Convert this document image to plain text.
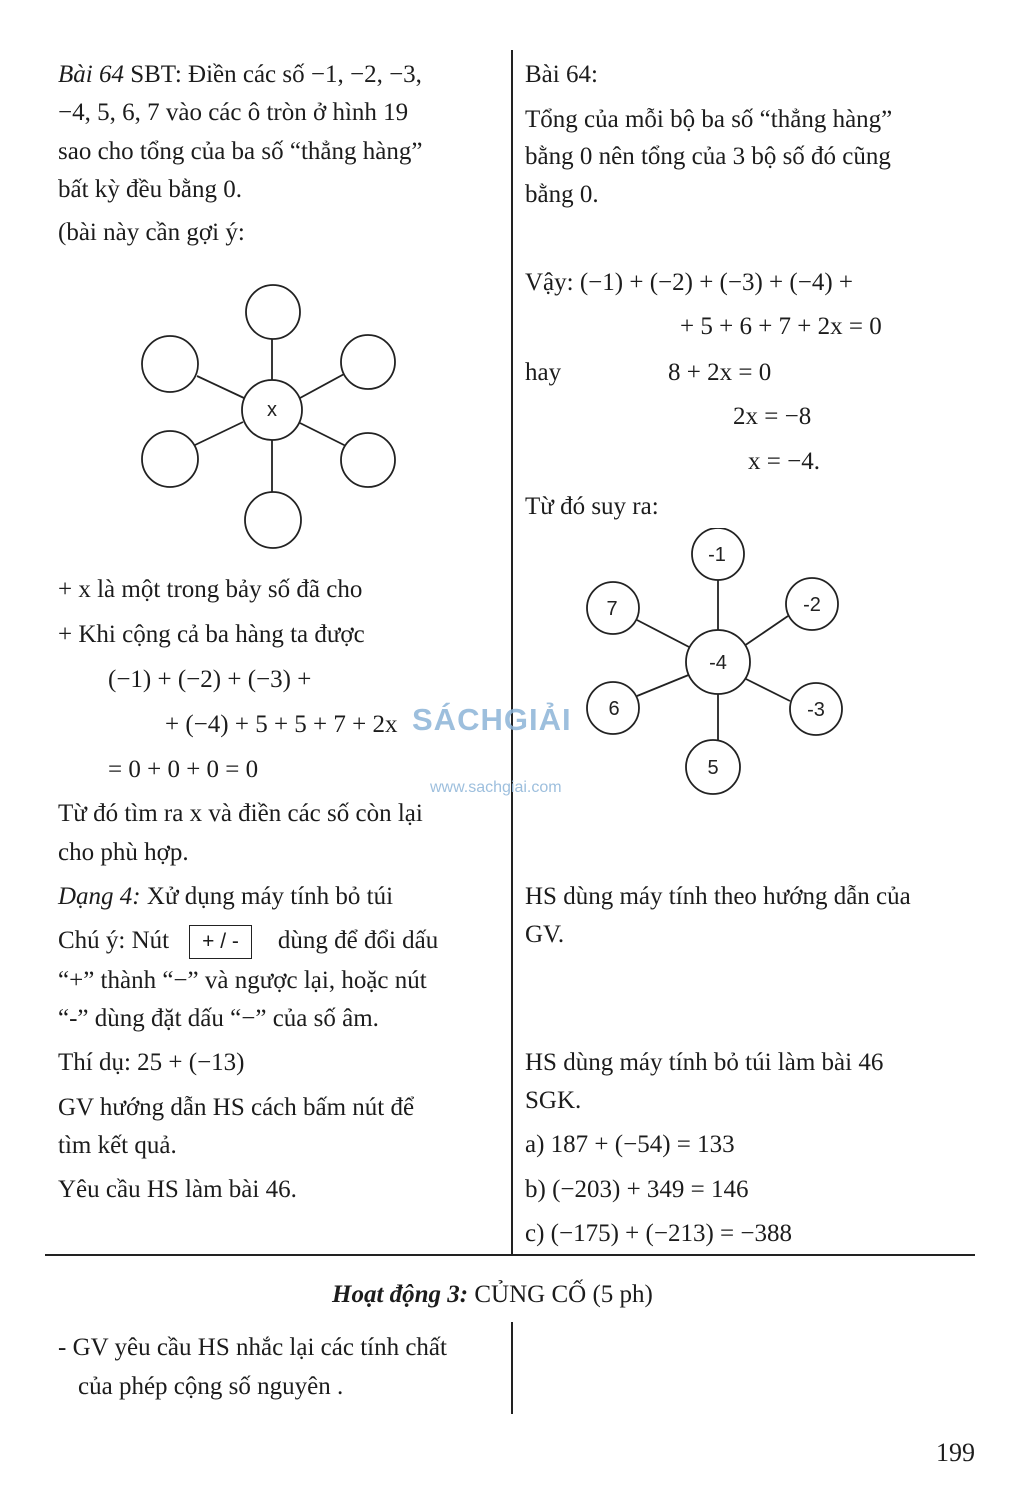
Bài 64 SBT: Điền các số −1, −2, −3,
−4, 5, 6, 7 vào các ô tròn ở hình 19
sao cho tổng của ba số “thẳng hàng”
bất kỳ đều bằng 0.
(bài này cần gợi ý:
x
+ x là một trong bảy số đã cho
+ Khi cộng cả ba hàng ta được
(−1) + (−2) + (−3) +
+ (−4) + 5 + 5 + 7 + 2x
= 0 + 0 + 0 = 0
Từ đó tìm ra x và điền các số còn lại
cho phù hợp.
Dạng 4: Xử dụng máy tính bỏ túi
Chú ý: Nút + / - dùng để đổi dấu
“+” thành “−” và ngược lại, hoặc nút
“-” dùng đặt dấu “−” của số âm.
Thí dụ: 25 + (−13)
GV hướng dẫn HS cách bấm nút để
tìm kết quả.
Yêu cầu HS làm bài 46.
Bài 64:
Tổng của mỗi bộ ba số “thẳng hàng”
bằng 0 nên tổng của 3 bộ số đó cũng
bằng 0.
Vậy: (−1) + (−2) + (−3) + (−4) +
+ 5 + 6 + 7 + 2x = 0
hay	8 + 2x = 0
2x = −8
x = −4.
Từ đó suy ra:
-1
7	-2
-4
6	-3
5
HS dùng máy tính theo hướng dẫn của
GV.
HS dùng máy tính bỏ túi làm bài 46
SGK.
a) 187 + (−54) = 133
b) (−203) + 349 = 146
c) (−175) + (−213) = −388
Hoạt động 3: CỦNG CỐ (5 ph)
- GV yêu cầu HS nhắc lại các tính chất
của phép cộng số nguyên .
SÁCHGIẢI
www.sachgiai.com
199
